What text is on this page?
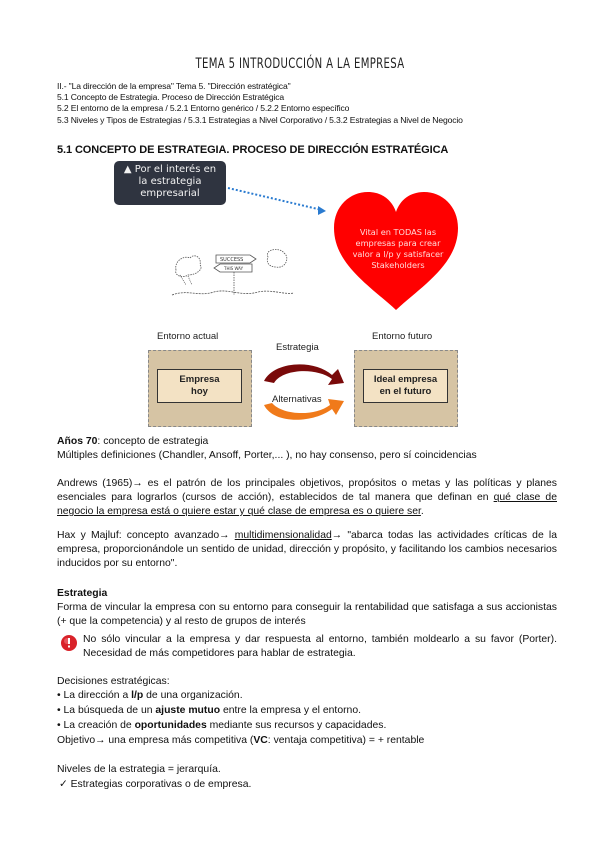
TEMA 5 INTRODUCCIÓN A LA EMPRESA
II.- "La dirección de la empresa" Tema 5. "Dirección estratégica"
5.1 Concepto de Estrategia. Proceso de Dirección Estratégica
5.2 El entorno de la empresa / 5.2.1 Entorno genérico / 5.2.2 Entorno específico
5.3 Niveles y Tipos de Estrategias / 5.3.1 Estrategias a Nivel Corporativo / 5.3.2 Estrategias a Nivel de Negocio
5.1 CONCEPTO DE ESTRATEGIA. PROCESO DE DIRECCIÓN ESTRATÉGICA
▲ Por el interés en
la estrategia
empresarial
Vital en TODAS las
empresas para crear
valor a l/p y satisfacer
Stakeholders
SUCCESS
THIS WAY
Entorno actual	Entorno futuro
Estrategia
Alternativas
Empresa
hoy
Ideal empresa
en el futuro
Años 70: concepto de estrategia
Múltiples definiciones (Chandler, Ansoff, Porter,... ), no hay consenso, pero sí coincidencias
Andrews (1965)→ es el patrón de los principales objetivos, propósitos o metas y las políticas y planes esenciales para lograrlos (cursos de acción), establecidos de tal manera que definan en qué clase de negocio la empresa está o quiere estar y qué clase de empresa es o quiere ser.
Hax y Majluf: concepto avanzado→ multidimensionalidad→ "abarca todas las actividades críticas de la empresa, proporcionándole un sentido de unidad, dirección y propósito, y facilitando los cambios necesarios inducidos por su entorno".
Estrategia
Forma de vincular la empresa con su entorno para conseguir la rentabilidad que satisfaga a sus accionistas (+ que la competencia) y al resto de grupos de interés
No sólo vincular a la empresa y dar respuesta al entorno, también moldearlo a su favor (Porter). Necesidad de más competidores para hablar de estrategia.
Decisiones estratégicas:
• La dirección a l/p de una organización.
• La búsqueda de un ajuste mutuo entre la empresa y el entorno.
• La creación de oportunidades mediante sus recursos y capacidades.
Objetivo→ una empresa más competitiva (VC: ventaja competitiva) = + rentable
Niveles de la estrategia = jerarquía.
✓ Estrategias corporativas o de empresa.
